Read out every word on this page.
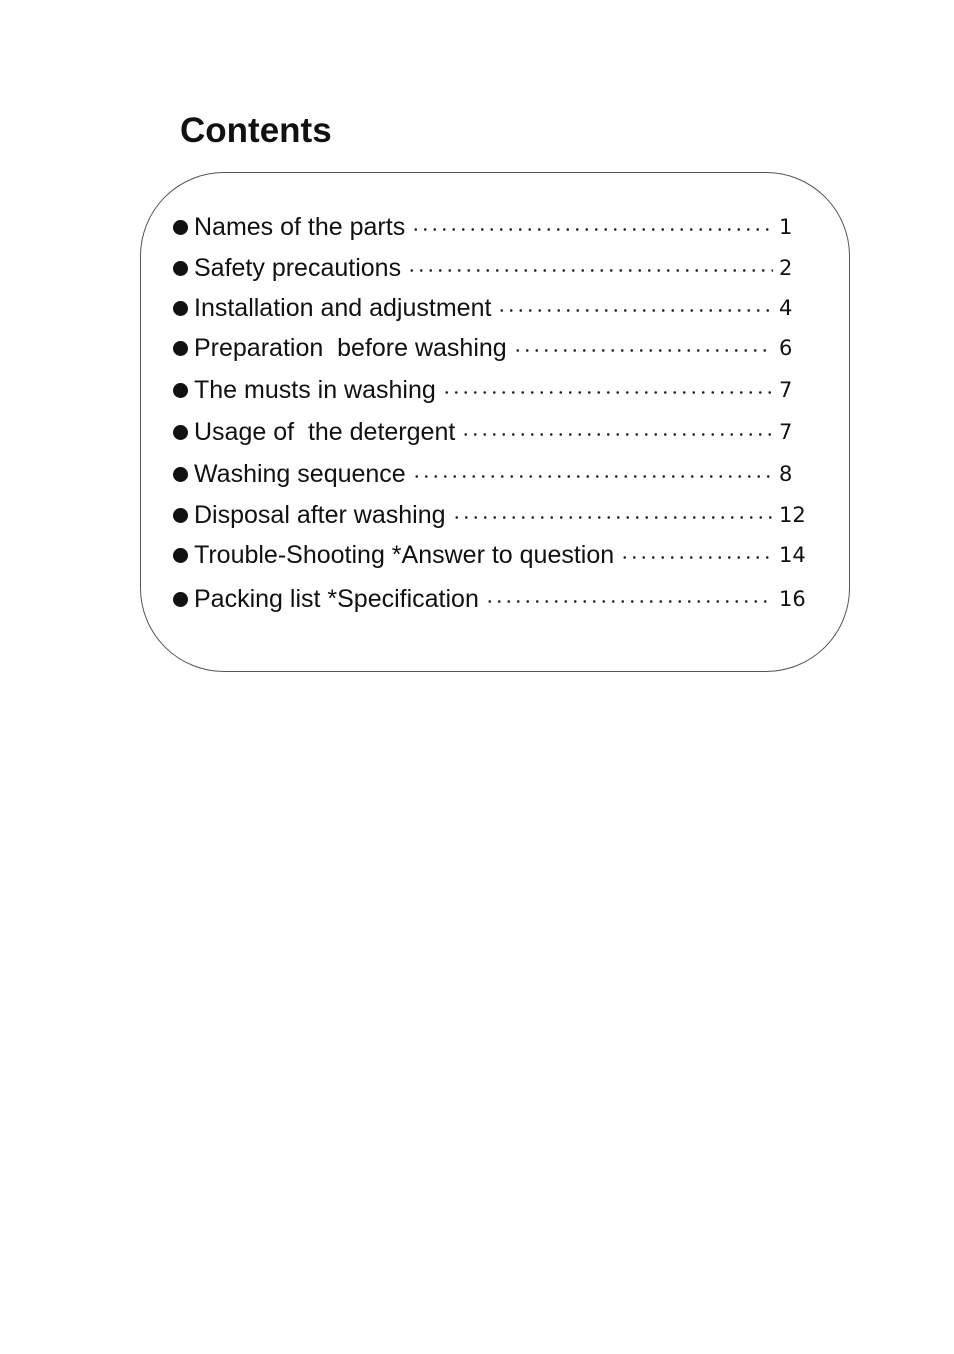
Contents
Names of the parts	1
Safety precautions	2
Installation and adjustment	4
Preparation  before washing	6
The musts in washing	7
Usage of  the detergent	7
Washing sequence	8
Disposal after washing	12
Trouble-Shooting *Answer to question	14
Packing list *Specification	16
